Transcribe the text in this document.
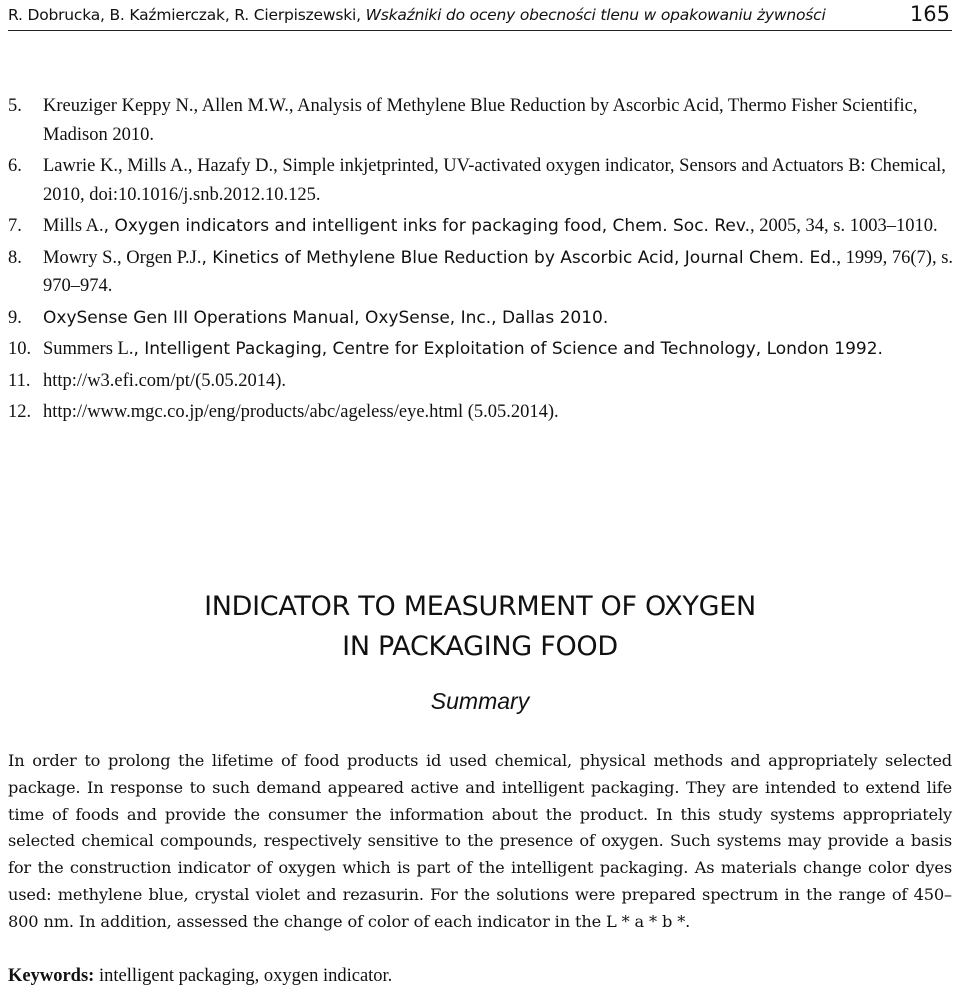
R. Dobrucka, B. Kaźmierczak, R. Cierpiszewski, Wskaźniki do oceny obecności tlenu w opakowaniu żywności	165
5. Kreuziger Keppy N., Allen M.W., Analysis of Methylene Blue Reduction by Ascorbic Acid, Thermo Fisher Scientific, Madison 2010.
6. Lawrie K., Mills A., Hazafy D., Simple inkjetprinted, UV-activated oxygen indicator, Sensors and Actuators B: Chemical, 2010, doi:10.1016/j.snb.2012.10.125.
7. Mills A., Oxygen indicators and intelligent inks for packaging food, Chem. Soc. Rev., 2005, 34, s. 1003–1010.
8. Mowry S., Orgen P.J., Kinetics of Methylene Blue Reduction by Ascorbic Acid, Journal Chem. Ed., 1999, 76(7), s. 970–974.
9. OxySense Gen III Operations Manual, OxySense, Inc., Dallas 2010.
10. Summers L., Intelligent Packaging, Centre for Exploitation of Science and Technology, London 1992.
11. http://w3.efi.com/pt/(5.05.2014).
12. http://www.mgc.co.jp/eng/products/abc/ageless/eye.html (5.05.2014).
INDICATOR TO MEASURMENT OF OXYGEN
IN PACKAGING FOOD
Summary

In order to prolong the lifetime of food products id used chemical, physical methods and appropriately selected package. In response to such demand appeared active and intelligent packaging. They are intended to extend life time of foods and provide the consumer the information about the product. In this study systems appropriately selected chemical compounds, respectively sensitive to the presence of oxygen. Such systems may provide a basis for the construction indicator of oxygen which is part of the intelligent packaging. As materials change color dyes used: methylene blue, crystal violet and rezasurin. For the solutions were prepared spectrum in the range of 450–800 nm. In addition, assessed the change of color of each indicator in the L * a * b *.

Keywords: intelligent packaging, oxygen indicator.
